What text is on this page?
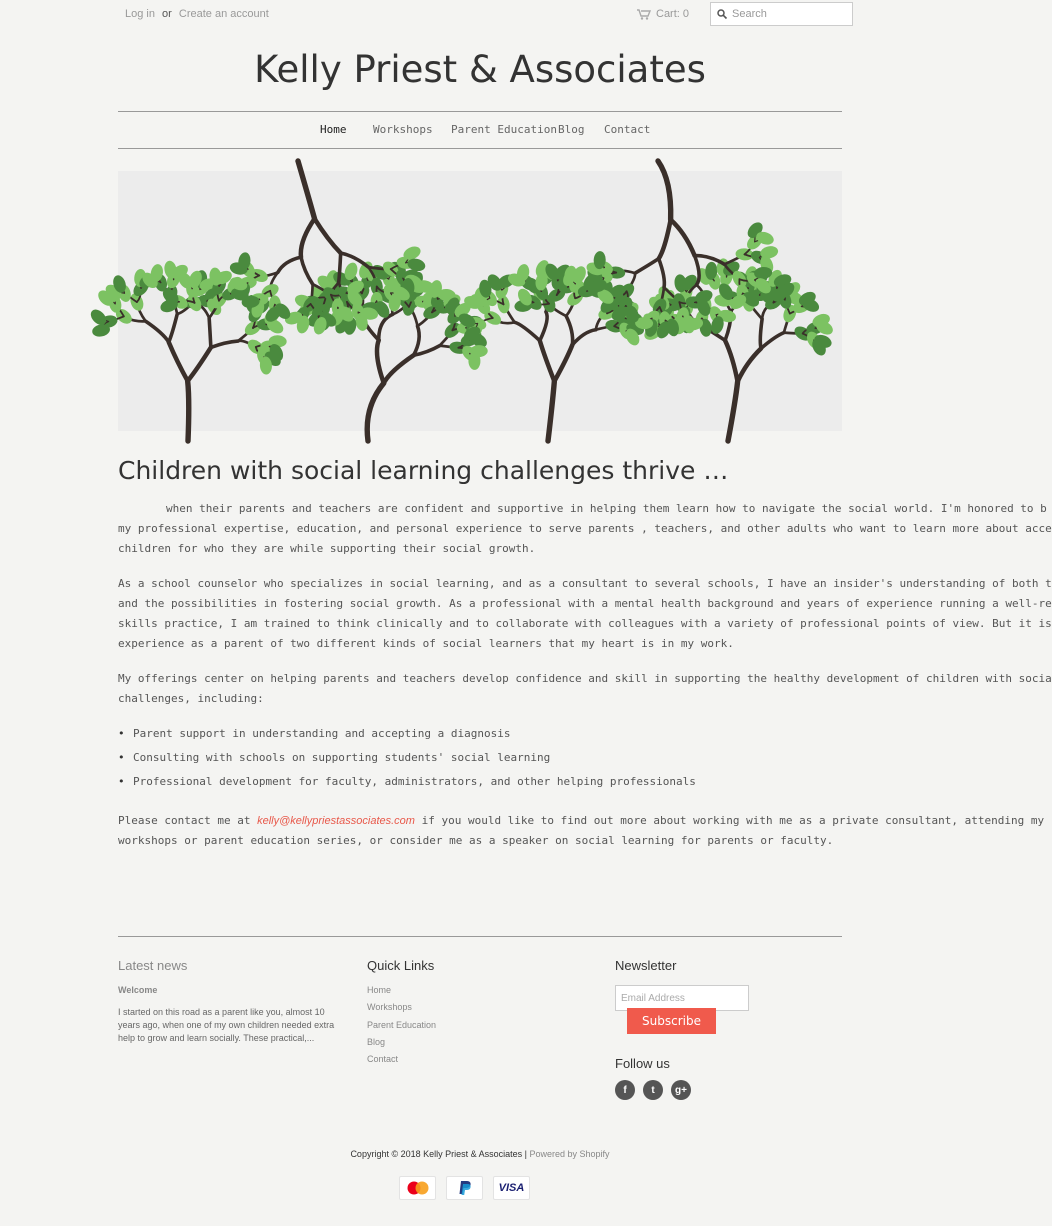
Log in or Create an account	Cart: 0
Search
Kelly Priest & Associates
Home Workshops Parent Education Blog Contact
Children with social learning challenges thrive …

when their parents and teachers are confident and supportive in helping them learn how to navigate the social world. I'm honored to b
my professional expertise, education, and personal experience to serve parents , teachers, and other adults who want to learn more about acce
children for who they are while supporting their social growth.

As a school counselor who specializes in social learning, and as a consultant to several schools, I have an insider's understanding of both t
and the possibilities in fostering social growth. As a professional with a mental health background and years of experience running a well-re
skills practice, I am trained to think clinically and to collaborate with colleagues with a variety of professional points of view. But it is
experience as a parent of two different kinds of social learners that my heart is in my work.

My offerings center on helping parents and teachers develop confidence and skill in supporting the healthy development of children with socia
challenges, including:

• Parent support in understanding and accepting a diagnosis
• Consulting with schools on supporting students' social learning
• Professional development for faculty, administrators, and other helping professionals

Please contact me at kelly@kellypriestassociates.com if you would like to find out more about working with me as a private consultant, attending my
workshops or parent education series, or consider me as a speaker on social learning for parents or faculty.

Latest news
Welcome
I started on this road as a parent like you, almost 10 years ago, when one of my own children needed extra help to grow and learn socially. These practical,...
Quick Links
Home
Workshops
Parent Education
Blog
Contact
Newsletter
Email Address
Subscribe
Follow us
f	t	g+
Copyright © 2018 Kelly Priest & Associates | Powered by Shopify
VISA
